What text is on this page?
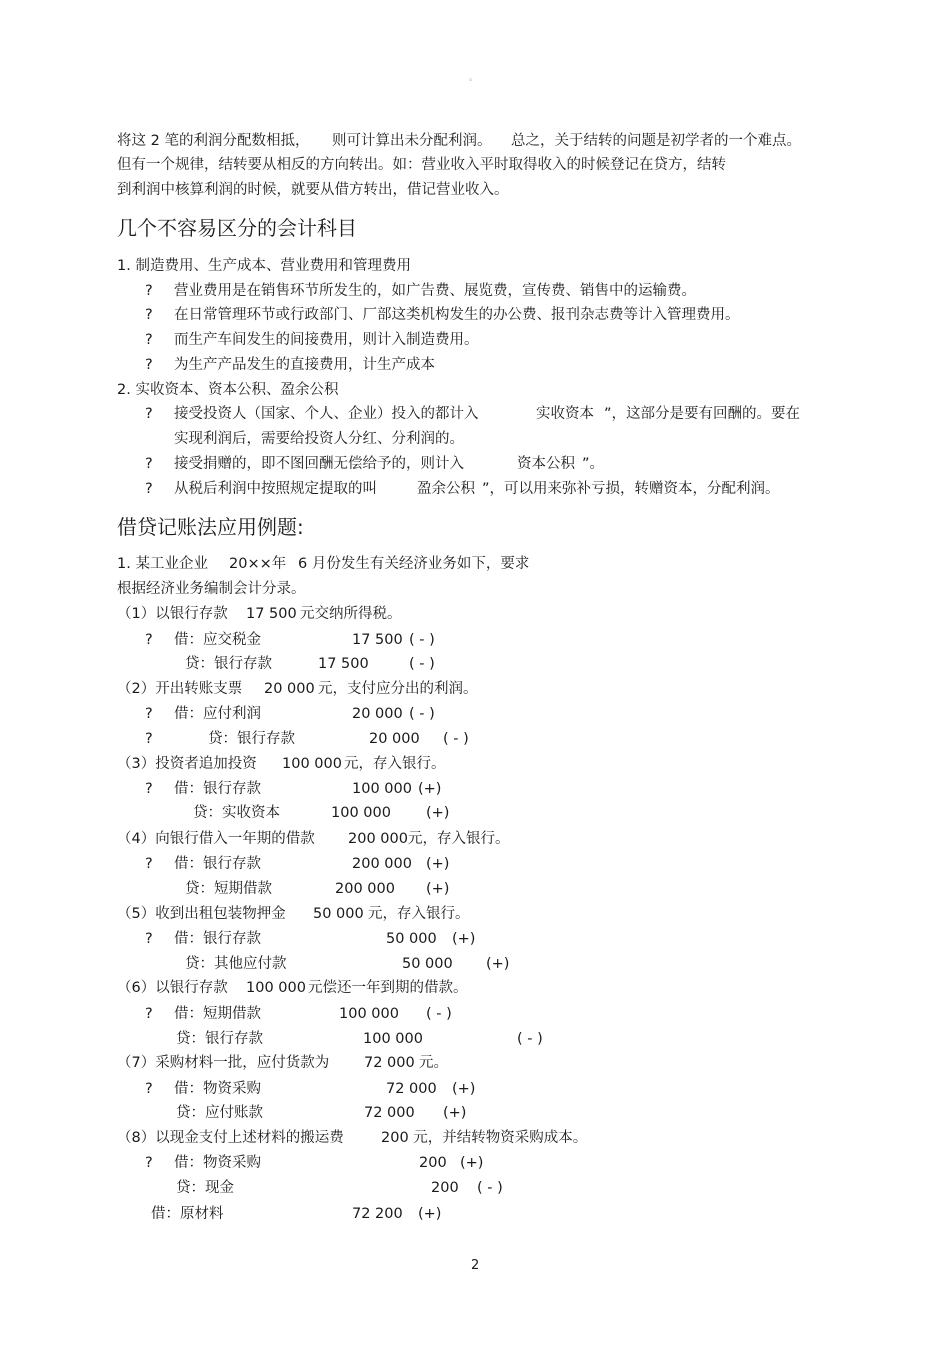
。
将这 2 笔的利润分配数相抵， 则可计算出未分配利润。 总之，关于结转的问题是初学者的一个难点。
但有一个规律，结转要从相反的方向转出。如：营业收入平时取得收入的时候登记在贷方，结转
到利润中核算利润的时候，就要从借方转出，借记营业收入。
几个不容易区分的会计科目
1. 制造费用、生产成本、营业费用和管理费用
? 营业费用是在销售环节所发生的，如广告费、展览费，宣传费、销售中的运输费。
? 在日常管理环节或行政部门、厂部这类机构发生的办公费、报刊杂志费等计入管理费用。
? 而生产车间发生的间接费用，则计入制造费用。
? 为生产产品发生的直接费用，计生产成本
2. 实收资本、资本公积、盈余公积
? 接受投资人（国家、个人、企业）投入的都计入	实收资本 ”，这部分是要有回酬的。要在
实现利润后，需要给投资人分红、分利润的。
? 接受捐赠的，即不图回酬无偿给予的，则计入	资本公积 ”。
? 从税后利润中按照规定提取的叫	盈余公积 ”，可以用来弥补亏损，转赠资本，分配利润。
借贷记账法应用例题:
1. 某工业企业 20××年 6 月份发生有关经济业务如下，要求
根据经济业务编制会计分录。
（1）以银行存款 17 500 元交纳所得税。
? 借：应交税金	17 500 ( - )
贷：银行存款	17 500	( - )
（2）开出转账支票 20 000 元，支付应分出的利润。
? 借：应付利润	20 000 ( - )
?	贷：银行存款	20 000 ( - )
（3）投资者追加投资 100 000 元，存入银行。
? 借：银行存款	100 000 (+)
贷：实收资本	100 000 (+)
（4）向银行借入一年期的借款 200 000 元，存入银行。
? 借：银行存款	200 000 (+)
贷：短期借款	200 000 (+)
（5）收到出租包装物押金 50 000 元，存入银行。
? 借：银行存款	50 000 (+)
贷：其他应付款	50 000 (+)
（6）以银行存款 100 000 元偿还一年到期的借款。
? 借：短期借款	100 000 ( - )
贷：银行存款	100 000	( - )
（7）采购材料一批，应付货款为 72 000 元。
? 借：物资采购	72 000 (+)
贷：应付账款	72 000 (+)
（8）以现金支付上述材料的搬运费	200 元，并结转物资采购成本。
? 借：物资采购	200 (+)
贷：现金	200 ( - )
借：原材料	72 200 (+)
2
